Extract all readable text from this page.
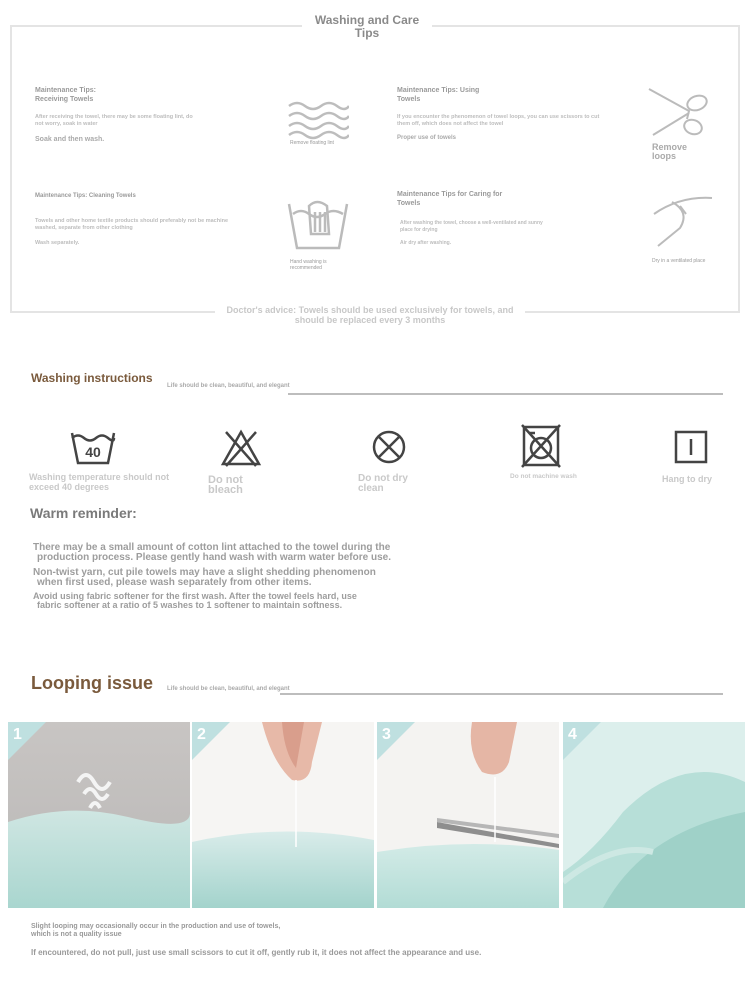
Washing and Care Tips
Maintenance Tips: Receiving Towels
After receiving the towel, there may be some floating lint, do not worry, soak in water
Soak and then wash.	Remove floating lint
Maintenance Tips: Using Towels
If you encounter the phenomenon of towel loops, you can use scissors to cut them off, which does not affect the towel
Proper use of towels
Remove loops
Maintenance Tips: Cleaning Towels
Towels and other home textile products should preferably not be machine washed, separate from other clothing
Wash separately.
Hand washing is recommended
Maintenance Tips for Caring for Towels
After washing the towel, choose a well-ventilated and sunny place for drying
Air dry after washing.
Dry in a ventilated place
Doctor's advice: Towels should be used exclusively for towels, and should be replaced every 3 months
Washing instructions
Life should be clean, beautiful, and elegant
40
Washing temperature should not exceed 40 degrees
Do not bleach
Do not dry clean
Do not machine wash	Hang to dry
Warm reminder:
There may be a small amount of cotton lint attached to the towel during the
production process. Please gently hand wash with warm water before use.
Non-twist yarn, cut pile towels may have a slight shedding phenomenon
when first used, please wash separately from other items.
Avoid using fabric softener for the first wash. After the towel feels hard, use
fabric softener at a ratio of 5 washes to 1 softener to maintain softness.
Looping issue Life should be clean, beautiful, and elegant
1	2	3	4
Slight looping may occasionally occur in the production and use of towels, which is not a quality issue
If encountered, do not pull, just use small scissors to cut it off, gently rub it, it does not affect the appearance and use.
